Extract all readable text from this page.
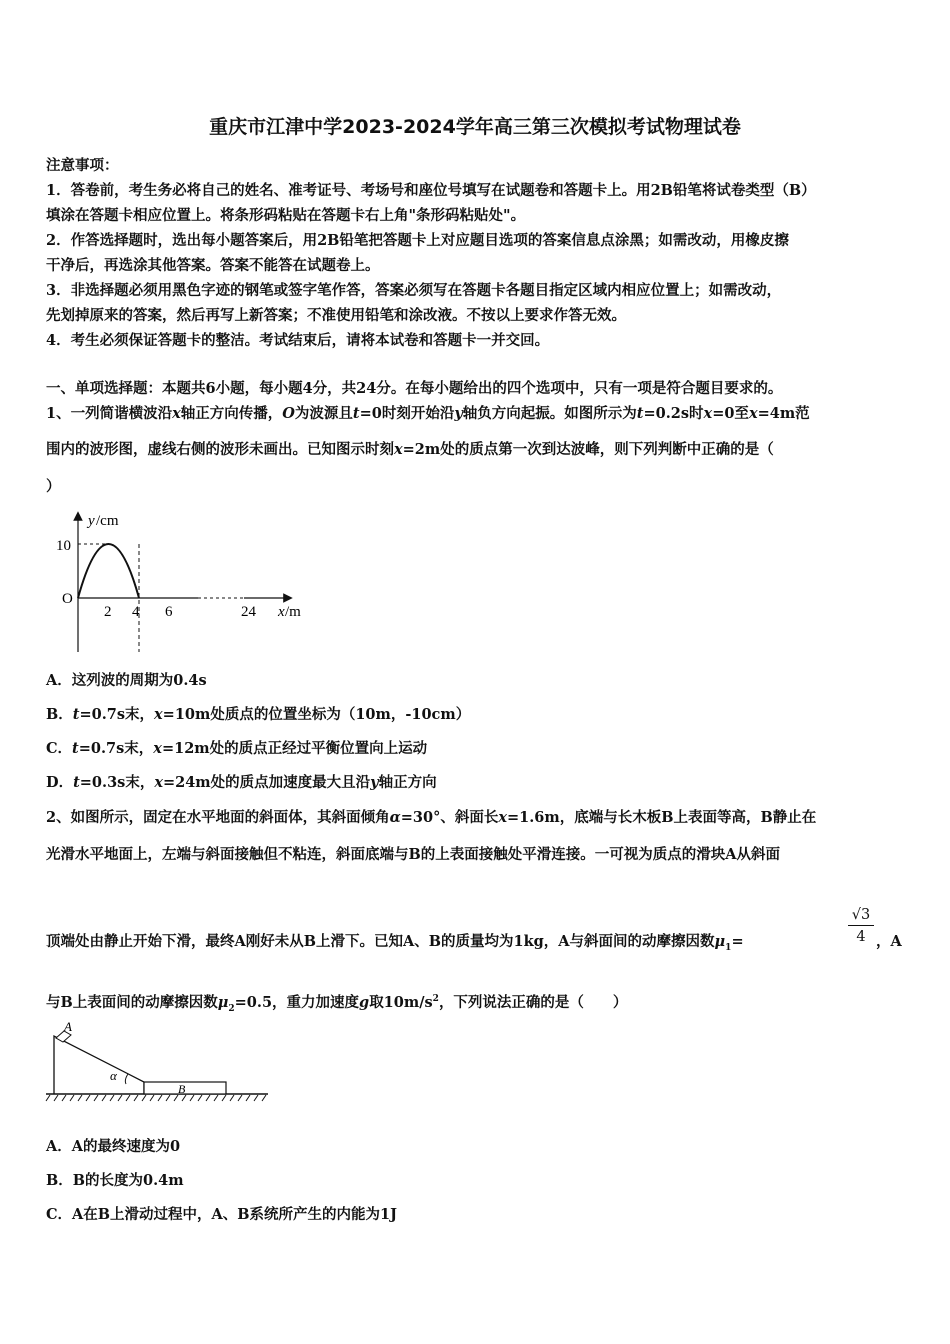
重庆市江津中学2023-2024学年高三第三次模拟考试物理试卷
注意事项：
1．答卷前，考生务必将自己的姓名、准考证号、考场号和座位号填写在试题卷和答题卡上。用2B铅笔将试卷类型（B）
填涂在答题卡相应位置上。将条形码粘贴在答题卡右上角"条形码粘贴处"。
2．作答选择题时，选出每小题答案后，用2B铅笔把答题卡上对应题目选项的答案信息点涂黑；如需改动，用橡皮擦
干净后，再选涂其他答案。答案不能答在试题卷上。
3．非选择题必须用黑色字迹的钢笔或签字笔作答，答案必须写在答题卡各题目指定区域内相应位置上；如需改动，
先划掉原来的答案，然后再写上新答案；不准使用铅笔和涂改液。不按以上要求作答无效。
4．考生必须保证答题卡的整洁。考试结束后，请将本试卷和答题卡一并交回。
一、单项选择题：本题共6小题，每小题4分，共24分。在每小题给出的四个选项中，只有一项是符合题目要求的。
1、一列简谐横波沿x轴正方向传播，O为波源且t=0时刻开始沿y轴负方向起振。如图所示为t=0.2s时x=0至x=4m范
围内的波形图，虚线右侧的波形未画出。已知图示时刻x=2m处的质点第一次到达波峰，则下列判断中正确的是（
）
y /cm
10
O
2 4 6	24 x /m
A．这列波的周期为0.4s
B．t=0.7s末，x=10m处质点的位置坐标为（10m，-10cm）
C．t=0.7s末，x=12m处的质点正经过平衡位置向上运动
D．t=0.3s末，x=24m处的质点加速度最大且沿y轴正方向
2、如图所示，固定在水平地面的斜面体，其斜面倾角α=30°、斜面长x=1.6m，底端与长木板B上表面等高，B静止在
光滑水平地面上，左端与斜面接触但不粘连，斜面底端与B的上表面接触处平滑连接。一可视为质点的滑块A从斜面
顶端处由静止开始下滑，最终A刚好未从B上滑下。已知A、B的质量均为1kg，A与斜面间的动摩擦因数$\mu_1=$	$\frac{√3}{4}$ ，A
与B上表面间的动摩擦因数$\mu_2=0.5$，重力加速度g取$10m/s^2$，下列说法正确的是（　　）
A
α
B
A．A的最终速度为0
B．B的长度为0.4m
C．A在B上滑动过程中，A、B系统所产生的内能为1J
